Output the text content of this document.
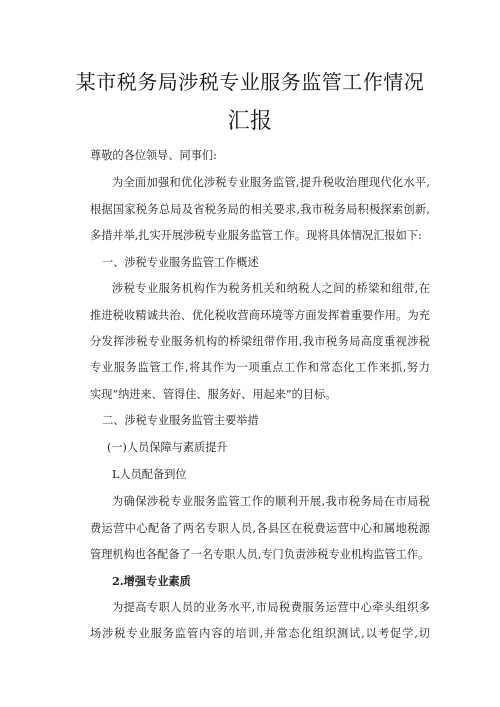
某市税务局涉税专业服务监管工作情况
汇报
尊敬的各位领导、同事们:
为全面加强和优化涉税专业服务监管,提升税收治理现代化水平,
根据国家税务总局及省税务局的相关要求,我市税务局积极探索创新,
多措并举,扎实开展涉税专业服务监管工作。现将具体情况汇报如下:
一、涉税专业服务监管工作概述
涉税专业服务机构作为税务机关和纳税人之间的桥梁和纽带,在
推进税收精诚共治、优化税收营商环境等方面发挥着重要作用。为充
分发挥涉税专业服务机构的桥梁纽带作用,我市税务局高度重视涉税
专业服务监管工作,将其作为一项重点工作和常态化工作来抓,努力
实现“纳进来、管得住、服务好、用起来”的目标。
二、涉税专业服务监管主要举措
(一)人员保障与素质提升
L人员配备到位
为确保涉税专业服务监管工作的顺利开展,我市税务局在市局税
费运营中心配备了两名专职人员,各县区在税费运营中心和属地税源
管理机构也各配备了一名专职人员,专门负责涉税专业机构监管工作。
2.增强专业素质
为提高专职人员的业务水平,市局税费服务运营中心牵头组织多
场涉税专业服务监管内容的培训,并常态化组织测试,以考促学,切
